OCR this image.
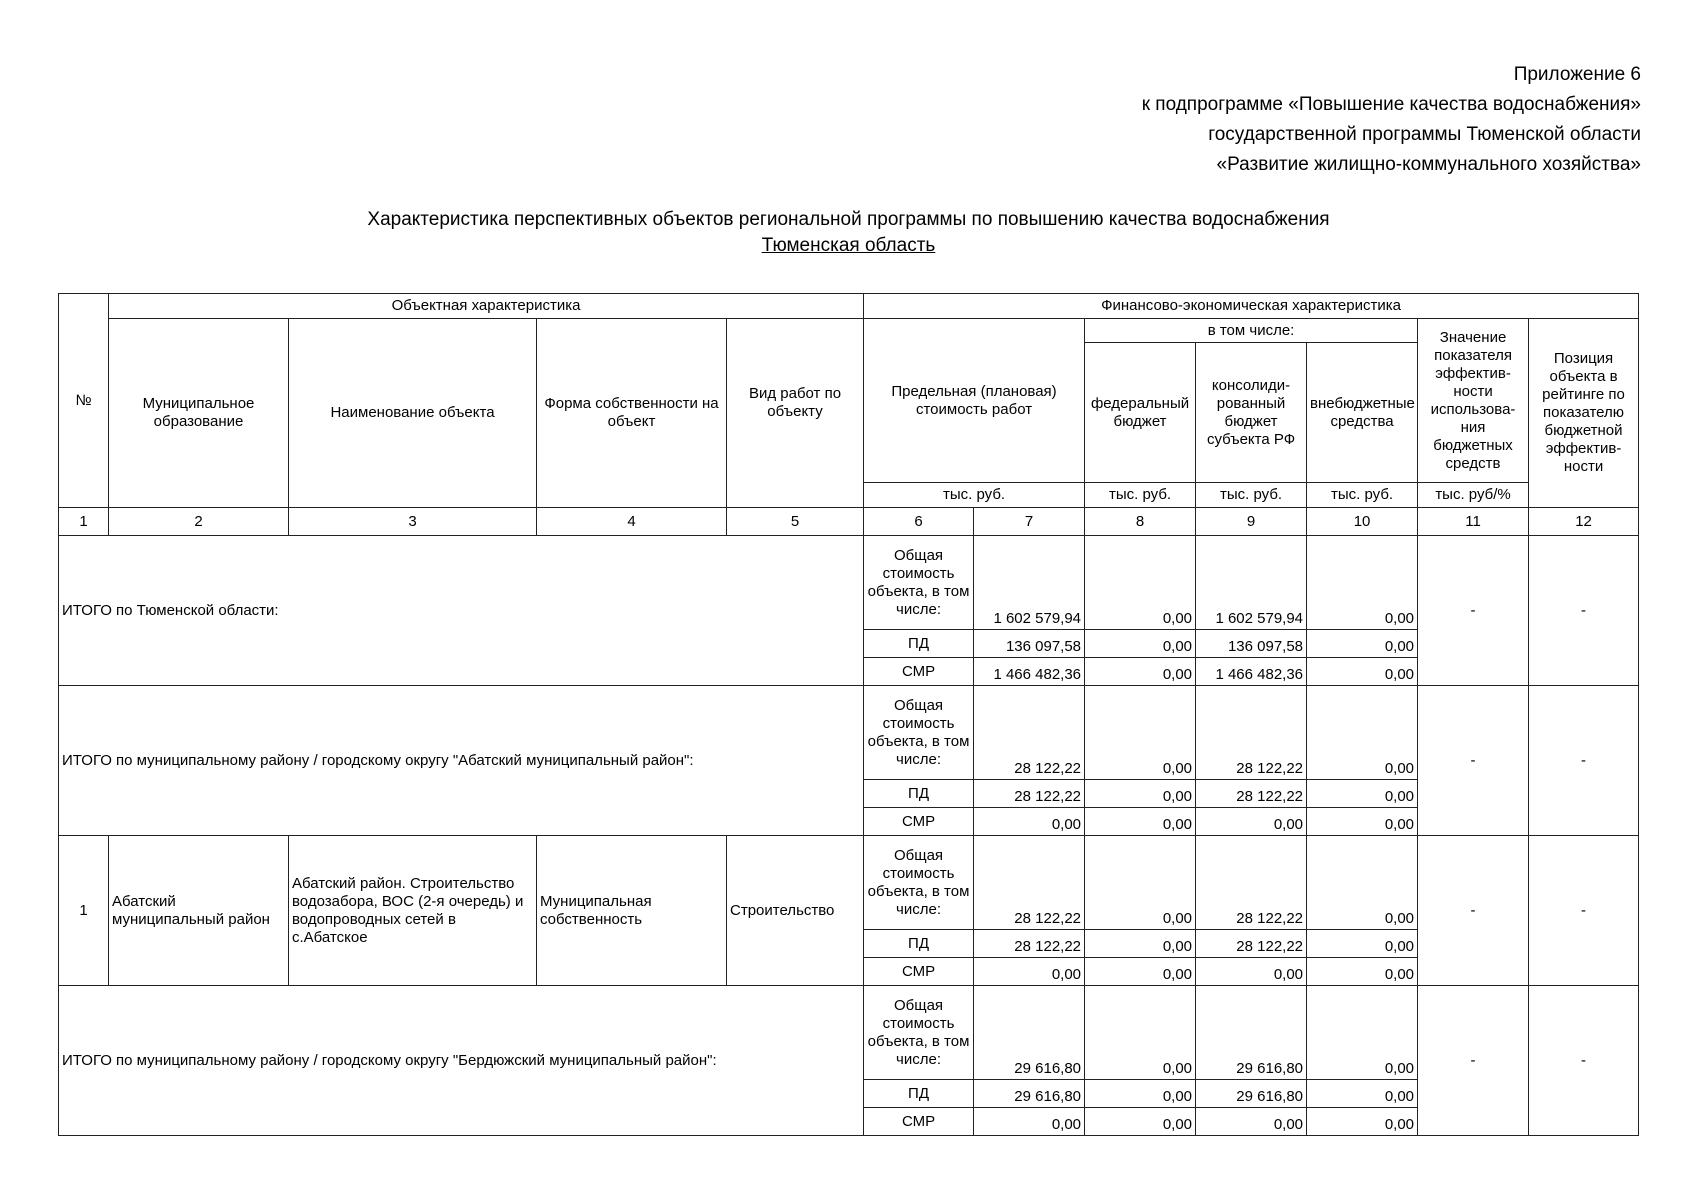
Приложение 6
к подпрограмме «Повышение качества водоснабжения»
государственной программы Тюменской области
«Развитие жилищно-коммунального хозяйства»
Характеристика перспективных объектов региональной программы по повышению качества водоснабжения
Тюменская область
№	Объектная характеристика				Финансово-экономическая характеристика						
	Муниципальное образование	Наименование объекта	Форма собственности на объект	Вид работ по объекту	Предельная (плановая) стоимость работ		в том числе:			Значение показателя эффектив-ности использова-ния бюджетных средств	Позиция объекта в рейтинге по показателю бюджетной эффектив-ности
							федеральный бюджет	консолиди-рованный бюджет субъекта РФ	внебюджетные средства		

					тыс. руб.		тыс. руб.	тыс. руб.	тыс. руб.	тыс. руб/%	
1	2	3	4	5	6	7	8	9	10	11	12
ИТОГО по Тюменской области:					Общая стоимость объекта, в том числе:	1 602 579,94	0,00	1 602 579,94	0,00	-	-
					ПД	136 097,58	0,00	136 097,58	0,00		
					СМР	1 466 482,36	0,00	1 466 482,36	0,00		
ИТОГО по муниципальному району / городскому округу "Абатский муниципальный район":					Общая стоимость объекта, в том числе:	28 122,22	0,00	28 122,22	0,00	-	-
					ПД	28 122,22	0,00	28 122,22	0,00		
					СМР	0,00	0,00	0,00	0,00		
1	Абатский муниципальный район	Абатский район. Строительство водозабора, ВОС (2-я очередь) и водопроводных сетей в с.Абатское	Муниципальная собственность	Строительство	Общая стоимость объекта, в том числе:	28 122,22	0,00	28 122,22	0,00	-	-
					ПД	28 122,22	0,00	28 122,22	0,00		
					СМР	0,00	0,00	0,00	0,00		
ИТОГО по муниципальному району / городскому округу "Бердюжский муниципальный район":					Общая стоимость объекта, в том числе:	29 616,80	0,00	29 616,80	0,00	-	-
					ПД	29 616,80	0,00	29 616,80	0,00		
					СМР	0,00	0,00	0,00	0,00		
